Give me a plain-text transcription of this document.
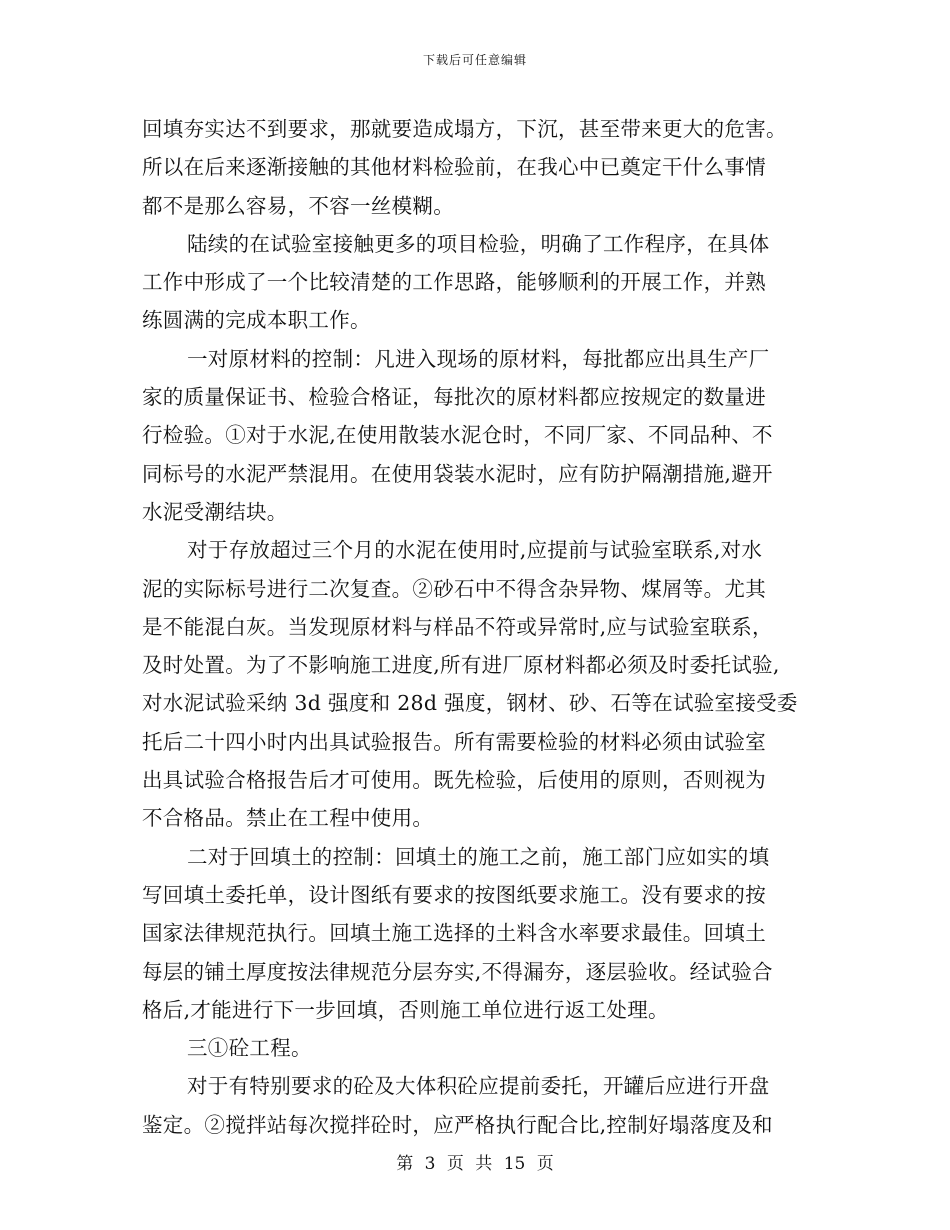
下载后可任意编辑
回填夯实达不到要求，那就要造成塌方，下沉，甚至带来更大的危害。
所以在后来逐渐接触的其他材料检验前，在我心中已奠定干什么事情
都不是那么容易，不容一丝模糊。
陆续的在试验室接触更多的项目检验，明确了工作程序，在具体
工作中形成了一个比较清楚的工作思路，能够顺利的开展工作，并熟
练圆满的完成本职工作。
一对原材料的控制：凡进入现场的原材料，每批都应出具生产厂
家的质量保证书、检验合格证，每批次的原材料都应按规定的数量进
行检验。①对于水泥,在使用散装水泥仓时，不同厂家、不同品种、不
同标号的水泥严禁混用。在使用袋装水泥时，应有防护隔潮措施,避开
水泥受潮结块。
对于存放超过三个月的水泥在使用时,应提前与试验室联系,对水
泥的实际标号进行二次复查。②砂石中不得含杂异物、煤屑等。尤其
是不能混白灰。当发现原材料与样品不符或异常时,应与试验室联系，
及时处置。为了不影响施工进度,所有进厂原材料都必须及时委托试验,
对水泥试验采纳 3d 强度和 28d 强度，钢材、砂、石等在试验室接受委
托后二十四小时内出具试验报告。所有需要检验的材料必须由试验室
出具试验合格报告后才可使用。既先检验，后使用的原则，否则视为
不合格品。禁止在工程中使用。
二对于回填土的控制：回填土的施工之前，施工部门应如实的填
写回填土委托单，设计图纸有要求的按图纸要求施工。没有要求的按
国家法律规范执行。回填土施工选择的土料含水率要求最佳。回填土
每层的铺土厚度按法律规范分层夯实,不得漏夯，逐层验收。经试验合
格后,才能进行下一步回填，否则施工单位进行返工处理。
三①砼工程。
对于有特别要求的砼及大体积砼应提前委托，开罐后应进行开盘
鉴定。②搅拌站每次搅拌砼时，应严格执行配合比,控制好塌落度及和
第 3 页 共 15 页
